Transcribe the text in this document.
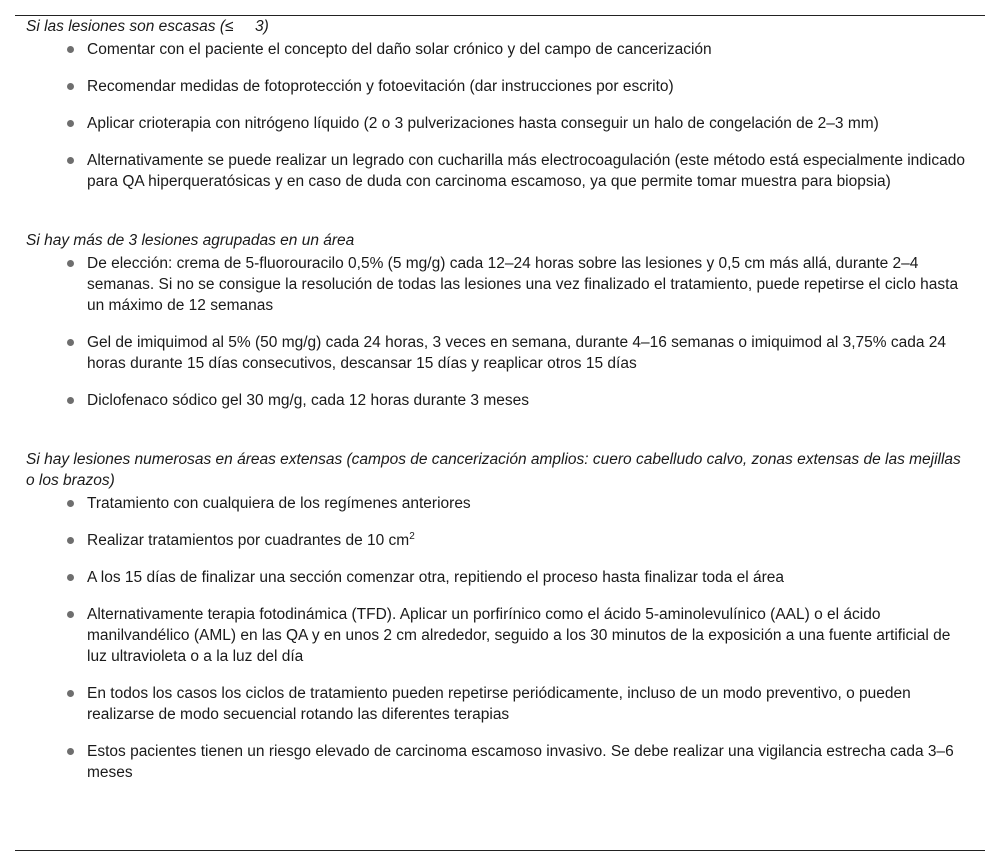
Si las lesiones son escasas (≤     3)

Comentar con el paciente el concepto del daño solar crónico y del campo de cancerización
Recomendar medidas de fotoprotección y fotoevitación (dar instrucciones por escrito)
Aplicar crioterapia con nitrógeno líquido (2 o 3 pulverizaciones hasta conseguir un halo de congelación de 2–3 mm)
Alternativamente se puede realizar un legrado con cucharilla más electrocoagulación (este método está especialmente indicado para QA hiperqueratósicas y en caso de duda con carcinoma escamoso, ya que permite tomar muestra para biopsia)

Si hay más de 3 lesiones agrupadas en un área

De elección: crema de 5-fluorouracilo 0,5% (5 mg/g) cada 12–24 horas sobre las lesiones y 0,5 cm más allá, durante 2–4 semanas. Si no se consigue la resolución de todas las lesiones una vez finalizado el tratamiento, puede repetirse el ciclo hasta un máximo de 12 semanas
Gel de imiquimod al 5% (50 mg/g) cada 24 horas, 3 veces en semana, durante 4–16 semanas o imiquimod al 3,75% cada 24 horas durante 15 días consecutivos, descansar 15 días y reaplicar otros 15 días
Diclofenaco sódico gel 30 mg/g, cada 12 horas durante 3 meses

Si hay lesiones numerosas en áreas extensas (campos de cancerización amplios: cuero cabelludo calvo, zonas extensas de las mejillas o los brazos)

Tratamiento con cualquiera de los regímenes anteriores
Realizar tratamientos por cuadrantes de 10 $cm^2$
A los 15 días de finalizar una sección comenzar otra, repitiendo el proceso hasta finalizar toda el área
Alternativamente terapia fotodinámica (TFD). Aplicar un porfirínico como el ácido 5-aminolevulínico (AAL) o el ácido manilvandélico (AML) en las QA y en unos 2 cm alrededor, seguido a los 30 minutos de la exposición a una fuente artificial de luz ultravioleta o a la luz del día
En todos los casos los ciclos de tratamiento pueden repetirse periódicamente, incluso de un modo preventivo, o pueden realizarse de modo secuencial rotando las diferentes terapias
Estos pacientes tienen un riesgo elevado de carcinoma escamoso invasivo. Se debe realizar una vigilancia estrecha cada 3–6 meses
